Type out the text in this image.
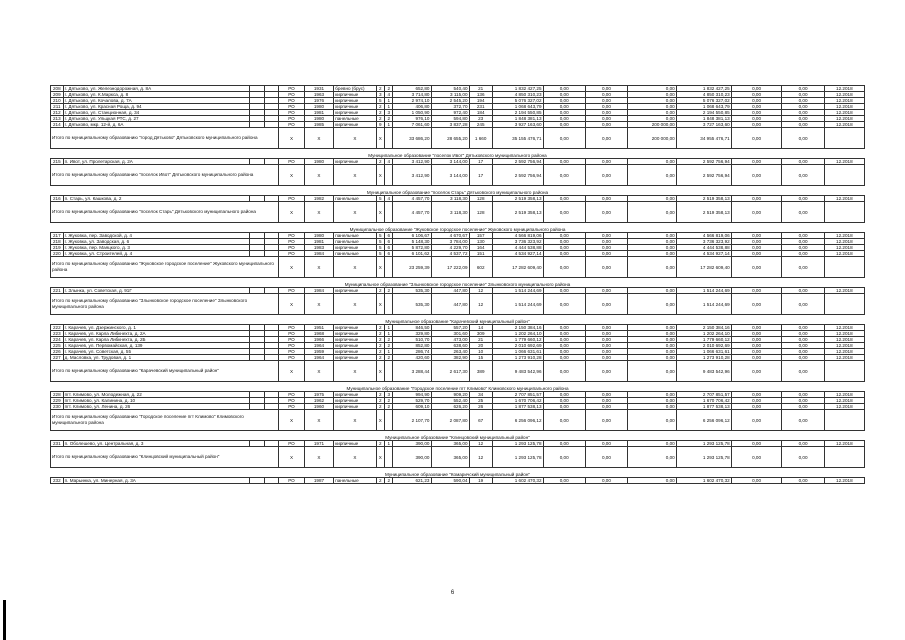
208	г. Дятьково, ул. Железнодорожная, д. 8А			РО	1931	бревно (брус)	2	2	652,80	540,40	21	1 832 427,25	0,00	0,00	0,00	1 832 427,25	0,00	0,00	12.2018
209	г. Дятьково, ул. К.Маркса, д. 8			РО	1963	кирпичные	3	4	3 714,80	3 115,00	136	4 850 310,23	0,00	0,00	0,00	4 850 310,23	0,00	0,00	12.2018
210	г. Дятьково, ул. Кочалова, д. 7А			РО	1976	кирпичные	5	1	2 974,10	2 545,20	194	5 076 327,02	0,00	0,00	0,00	5 076 327,02	0,00	0,00	12.2018
211	г. Дятьково, ул. Красная Роща, д. 94			РО	1980	кирпичные	2	1	406,80	372,70	231	1 068 643,79	0,00	0,00	0,00	1 068 643,79	0,00	0,00	12.2018
212	г. Дятьково, ул. Станционная, д. 34			РО	1981	кирпичные	2	3	1 050,90	972,40	184	2 194 550,85	0,00	0,00	0,00	2 194 550,85	0,00	0,00	12.2018
213	г. Дятьково, ул. Ульцкая РТС, д. 27			РО	1980	панельные	2	2	976,10	594,80	23	1 848 381,13	0,00	0,00	0,00	1 848 381,13	0,00	0,00	12.2018
214	г. Дятьково, мкр. 12-й, д. 6А			РО	1985	кирпичные	9	1	7 061,60	3 837,28	245	3 927 163,60	0,00	0,00	200 000,00	3 727 163,60	0,00	0,00	12.2018
Итого по муниципальному образованию "город Дятьково" Дятьковского муниципального района				X	X	X	X		33 686,20	28 655,20	1 660	35 155 476,71	0,00	0,00	200 000,00	34 955 476,71	0,00	0,00	
Муниципальное образование "поселок Ивот" Дятьковского муниципального района																			
215	п. Ивот, ул. Пролетарская, д. 2А			РО	1980	кирпичные	2	4	3 412,90	3 144,00	17	2 592 756,94	0,00	0,00	0,00	2 592 756,94	0,00	0,00	12.2018
Итого по муниципальному образованию "поселок Ивот" Дятьковского муниципального района				X	X	X	X		3 412,90	3 144,00	17	2 592 756,94	0,00	0,00	0,00	2 592 756,94	0,00	0,00	
Муниципальное образование "поселок Старь" Дятьковского муниципального района																			
216	п. Старь, ул. Кашкова, д. 2			РО	1982	панельные	5	4	4 457,70	3 118,30	128	2 519 358,13	0,00	0,00	0,00	2 519 358,13	0,00	0,00	12.2018
Итого по муниципальному образованию "поселок Старь" Дятьковского муниципального района				X	X	X	X		4 457,70	3 118,30	128	2 519 358,13	0,00	0,00	0,00	2 519 358,13	0,00	0,00	
Муниципальное образование "Жуковское городское поселение" Жуковского муниципального района																			
217	г. Жуковка, пер. Заводской, д. 4			РО	1980	панельные	5	6	6 106,67	4 670,67	157	4 566 819,06	0,00	0,00	0,00	4 566 819,06	0,00	0,00	12.2018
218	г. Жуковка, ул. Заводская, д. 6			РО	1981	панельные	5	6	5 148,30	3 784,00	130	3 736 323,92	0,00	0,00	0,00	3 736 323,92	0,00	0,00	12.2018
219	г. Жуковка, пер. Маяцкого, д. 3			РО	1983	кирпичные	5	6	5 872,80	4 229,70	164	4 444 538,88	0,00	0,00	0,00	4 444 538,88	0,00	0,00	12.2018
220	г. Жуковка, ул. Строителей, д. 4			РО	1984	панельные	5	6	6 101,62	4 537,72	151	4 534 927,14	0,00	0,00	0,00	4 534 927,14	0,00	0,00	12.2018
Итого по муниципальному образованию "Жуковское городское поселение" Жуковского муниципального района				X	X	X	X		23 259,39	17 222,09	602	17 282 609,40	0,00	0,00	0,00	17 282 609,40	0,00	0,00	
Муниципальное образование "Злынковское городское поселение" Злынковского муниципального района																			
221	г. Злынка, ул. Советская, д. 91Г			РО	1984	кирпичные	2	2	535,30	447,80	12	1 514 244,69	0,00	0,00	0,00	1 514 244,69	0,00	0,00	12.2018
Итого по муниципальному образованию "Злынковское городское поселение" Злынковского муниципального района				X	X	X	X		535,30	447,80	12	1 514 244,69	0,00	0,00	0,00	1 514 244,69	0,00	0,00	
Муниципальное образование "Карачевский муниципальный район"																			
222	г. Карачев, ул. Дзержинского, д. 1			РО	1951	кирпичные	2	1	846,50	557,20	14	2 150 384,16	0,00	0,00	0,00	2 150 384,16	0,00	0,00	12.2018
223	г. Карачев, ул. Карла Либкнехта, д. 2А			РО	1968	кирпичные	2	1	329,80	301,60	309	1 202 264,10	0,00	0,00	0,00	1 202 264,10	0,00	0,00	12.2018
224	г. Карачев, ул. Карла Либкнехта, д. 2Б			РО	1966	кирпичные	2	2	510,70	473,00	21	1 779 660,12	0,00	0,00	0,00	1 779 660,12	0,00	0,00	12.2018
225	г. Карачев, ул. Первомайская, д. 139			РО	1964	кирпичные	2	2	852,80	638,60	20	2 010 692,69	0,00	0,00	0,00	2 010 692,69	0,00	0,00	12.2018
226	г. Карачев, ул. Советская, д. 55			РО	1959	кирпичные	2	1	286,74	263,40	10	1 066 631,61	0,00	0,00	0,00	1 066 631,61	0,00	0,00	12.2018
227	д. Масловка, ул. Трудовая, д. 1			РО	1964	кирпичные	2	2	420,60	382,90	15	1 273 910,28	0,00	0,00	0,00	1 273 910,28	0,00	0,00	12.2018
Итого по муниципальному образованию "Карачевский муниципальный район"				X	X	X	X		3 288,44	2 617,30	389	9 483 542,96	0,00	0,00	0,00	9 483 542,96	0,00	0,00	
Муниципальное образование "Городское поселение пгт Климово" Климовского муниципального района																			
228	пгт. Климово, ул. Молодежная, д. 22			РО	1975	кирпичные	2	3	994,90	909,20	34	2 707 851,57	0,00	0,00	0,00	2 707 851,57	0,00	0,00	12.2018
229	пгт. Климово, ул. Калинина, д. 10			РО	1962	кирпичные	2	2	529,70	552,40	25	1 670 706,42	0,00	0,00	0,00	1 670 706,42	0,00	0,00	12.2018
230	пгт. Климово, ул. Ленина, д. 26			РО	1960	кирпичные	2	2	609,10	626,20	26	1 877 538,13	0,00	0,00	0,00	1 877 538,13	0,00	0,00	12.2018
Итого по муниципальному образованию "Городское поселение пгт Климово" Климовского муниципального района				X	X	X	X		2 107,70	2 087,80	67	6 256 096,12	0,00	0,00	0,00	6 256 096,12	0,00	0,00	
Муниципальное образование "Клинцовский муниципальный район"																			
231	п. Оболешево, ул. Центральная, д. 3			РО	1971	кирпичные	2	1	390,00	365,00	12	1 293 125,78	0,00	0,00	0,00	1 293 125,78	0,00	0,00	12.2018
Итого по муниципальному образованию "Клинцовский муниципальный район"				X	X	X	X		390,00	365,00	12	1 293 125,78	0,00	0,00	0,00	1 293 125,78	0,00	0,00	
Муниципальное образование "Комаричский муниципальный район"																			
232	п. Марьинка, ул. Минерная, д. 3А			РО	1987	панельные	2	2	621,23	590,04	19	1 602 470,32	0,00	0,00	0,00	1 602 470,32	0,00	0,00	12.2018
6
